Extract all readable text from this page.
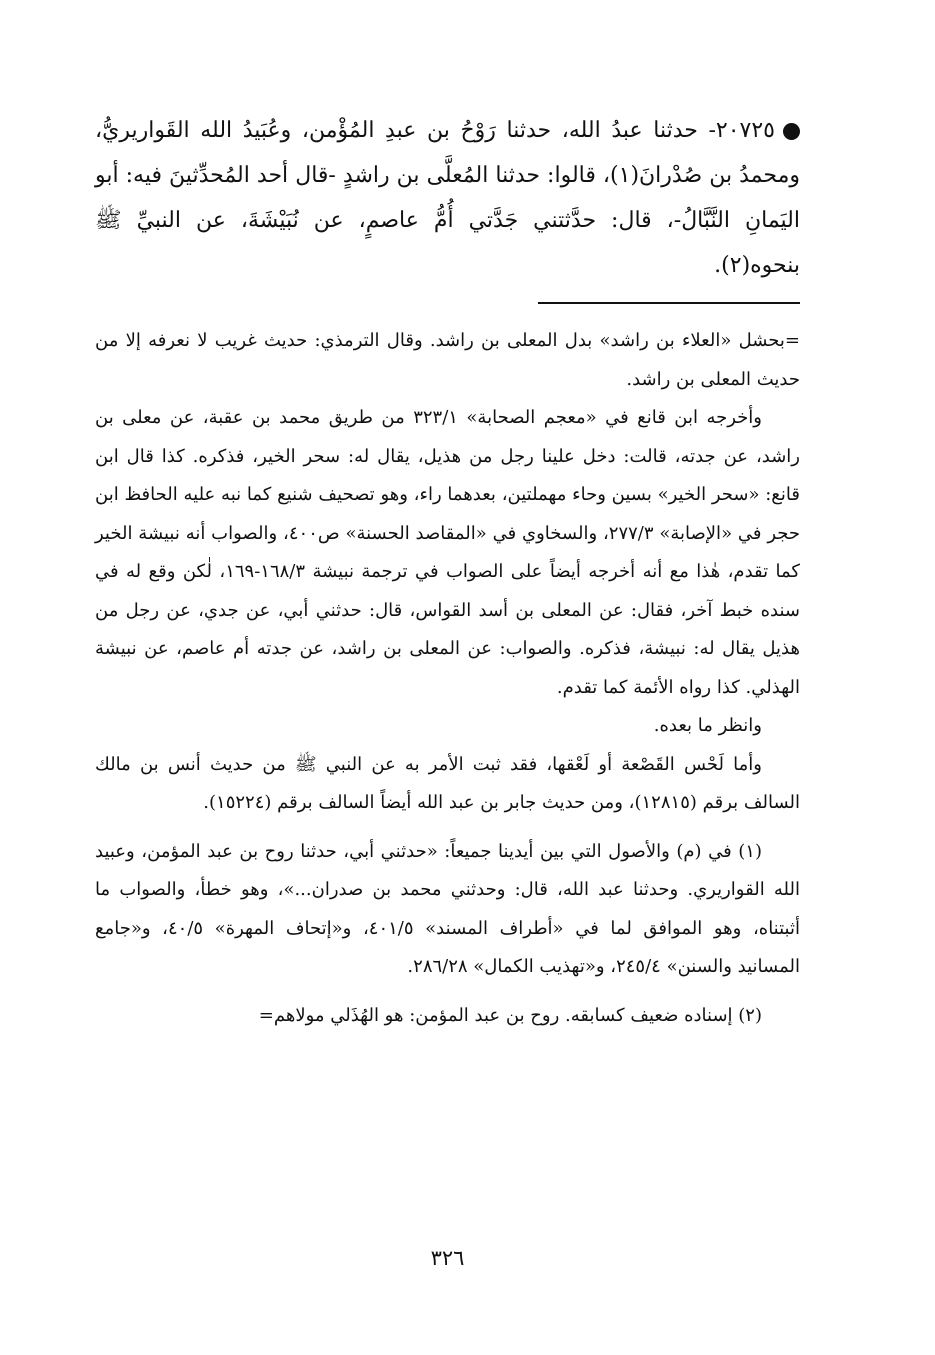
٢٠٧٢٥- حدثنا عبدُ الله، حدثنا رَوْحُ بن عبدِ المُؤْمن، وعُبَيدُ الله القَواريريُّ، ومحمدُ بن صُدْرانَ(١)، قالوا: حدثنا المُعلَّى بن راشدٍ -قال أحد المُحدِّثينَ فيه: أبو اليَمانِ النَّبَّالُ-، قال: حدَّثتني جَدَّتي أُمُّ عاصمٍ، عن نُبَيْشَةَ، عن النبيِّ ﷺ بنحوه(٢).

=بحشل «العلاء بن راشد» بدل المعلى بن راشد. وقال الترمذي: حديث غريب لا نعرفه إلا من حديث المعلى بن راشد.

وأخرجه ابن قانع في «معجم الصحابة» ٣٢٣/١ من طريق محمد بن عقبة، عن معلى بن راشد، عن جدته، قالت: دخل علينا رجل من هذيل، يقال له: سحر الخير، فذكره. كذا قال ابن قانع: «سحر الخير» بسين وحاء مهملتين، بعدهما راء، وهو تصحيف شنيع كما نبه عليه الحافظ ابن حجر في «الإصابة» ٢٧٧/٣، والسخاوي في «المقاصد الحسنة» ص٤٠٠، والصواب أنه نبيشة الخير كما تقدم، هٰذا مع أنه أخرجه أيضاً على الصواب في ترجمة نبيشة ١٦٨/٣-١٦٩، لٰكن وقع له في سنده خبط آخر، فقال: عن المعلى بن أسد القواس، قال: حدثني أبي، عن جدي، عن رجل من هذيل يقال له: نبيشة، فذكره. والصواب: عن المعلى بن راشد، عن جدته أم عاصم، عن نبيشة الهذلي. كذا رواه الأئمة كما تقدم.

وانظر ما بعده.

وأما لَحْس القَصْعة أو لَعْقها، فقد ثبت الأمر به عن النبي ﷺ من حديث أنس بن مالك السالف برقم (١٢٨١٥)، ومن حديث جابر بن عبد الله أيضاً السالف برقم (١٥٢٢٤).

(١) في (م) والأصول التي بين أيدينا جميعاً: «حدثني أبي، حدثنا روح بن عبد المؤمن، وعبيد الله القواريري. وحدثنا عبد الله، قال: وحدثني محمد بن صدران...»، وهو خطأ، والصواب ما أثبتناه، وهو الموافق لما في «أطراف المسند» ٤٠١/٥، و«إتحاف المهرة» ٤٠/٥، و«جامع المسانيد والسنن» ٢٤٥/٤، و«تهذيب الكمال» ٢٨٦/٢٨.

(٢) إسناده ضعيف كسابقه. روح بن عبد المؤمن: هو الهُذَلي مولاهم=

٣٢٦
